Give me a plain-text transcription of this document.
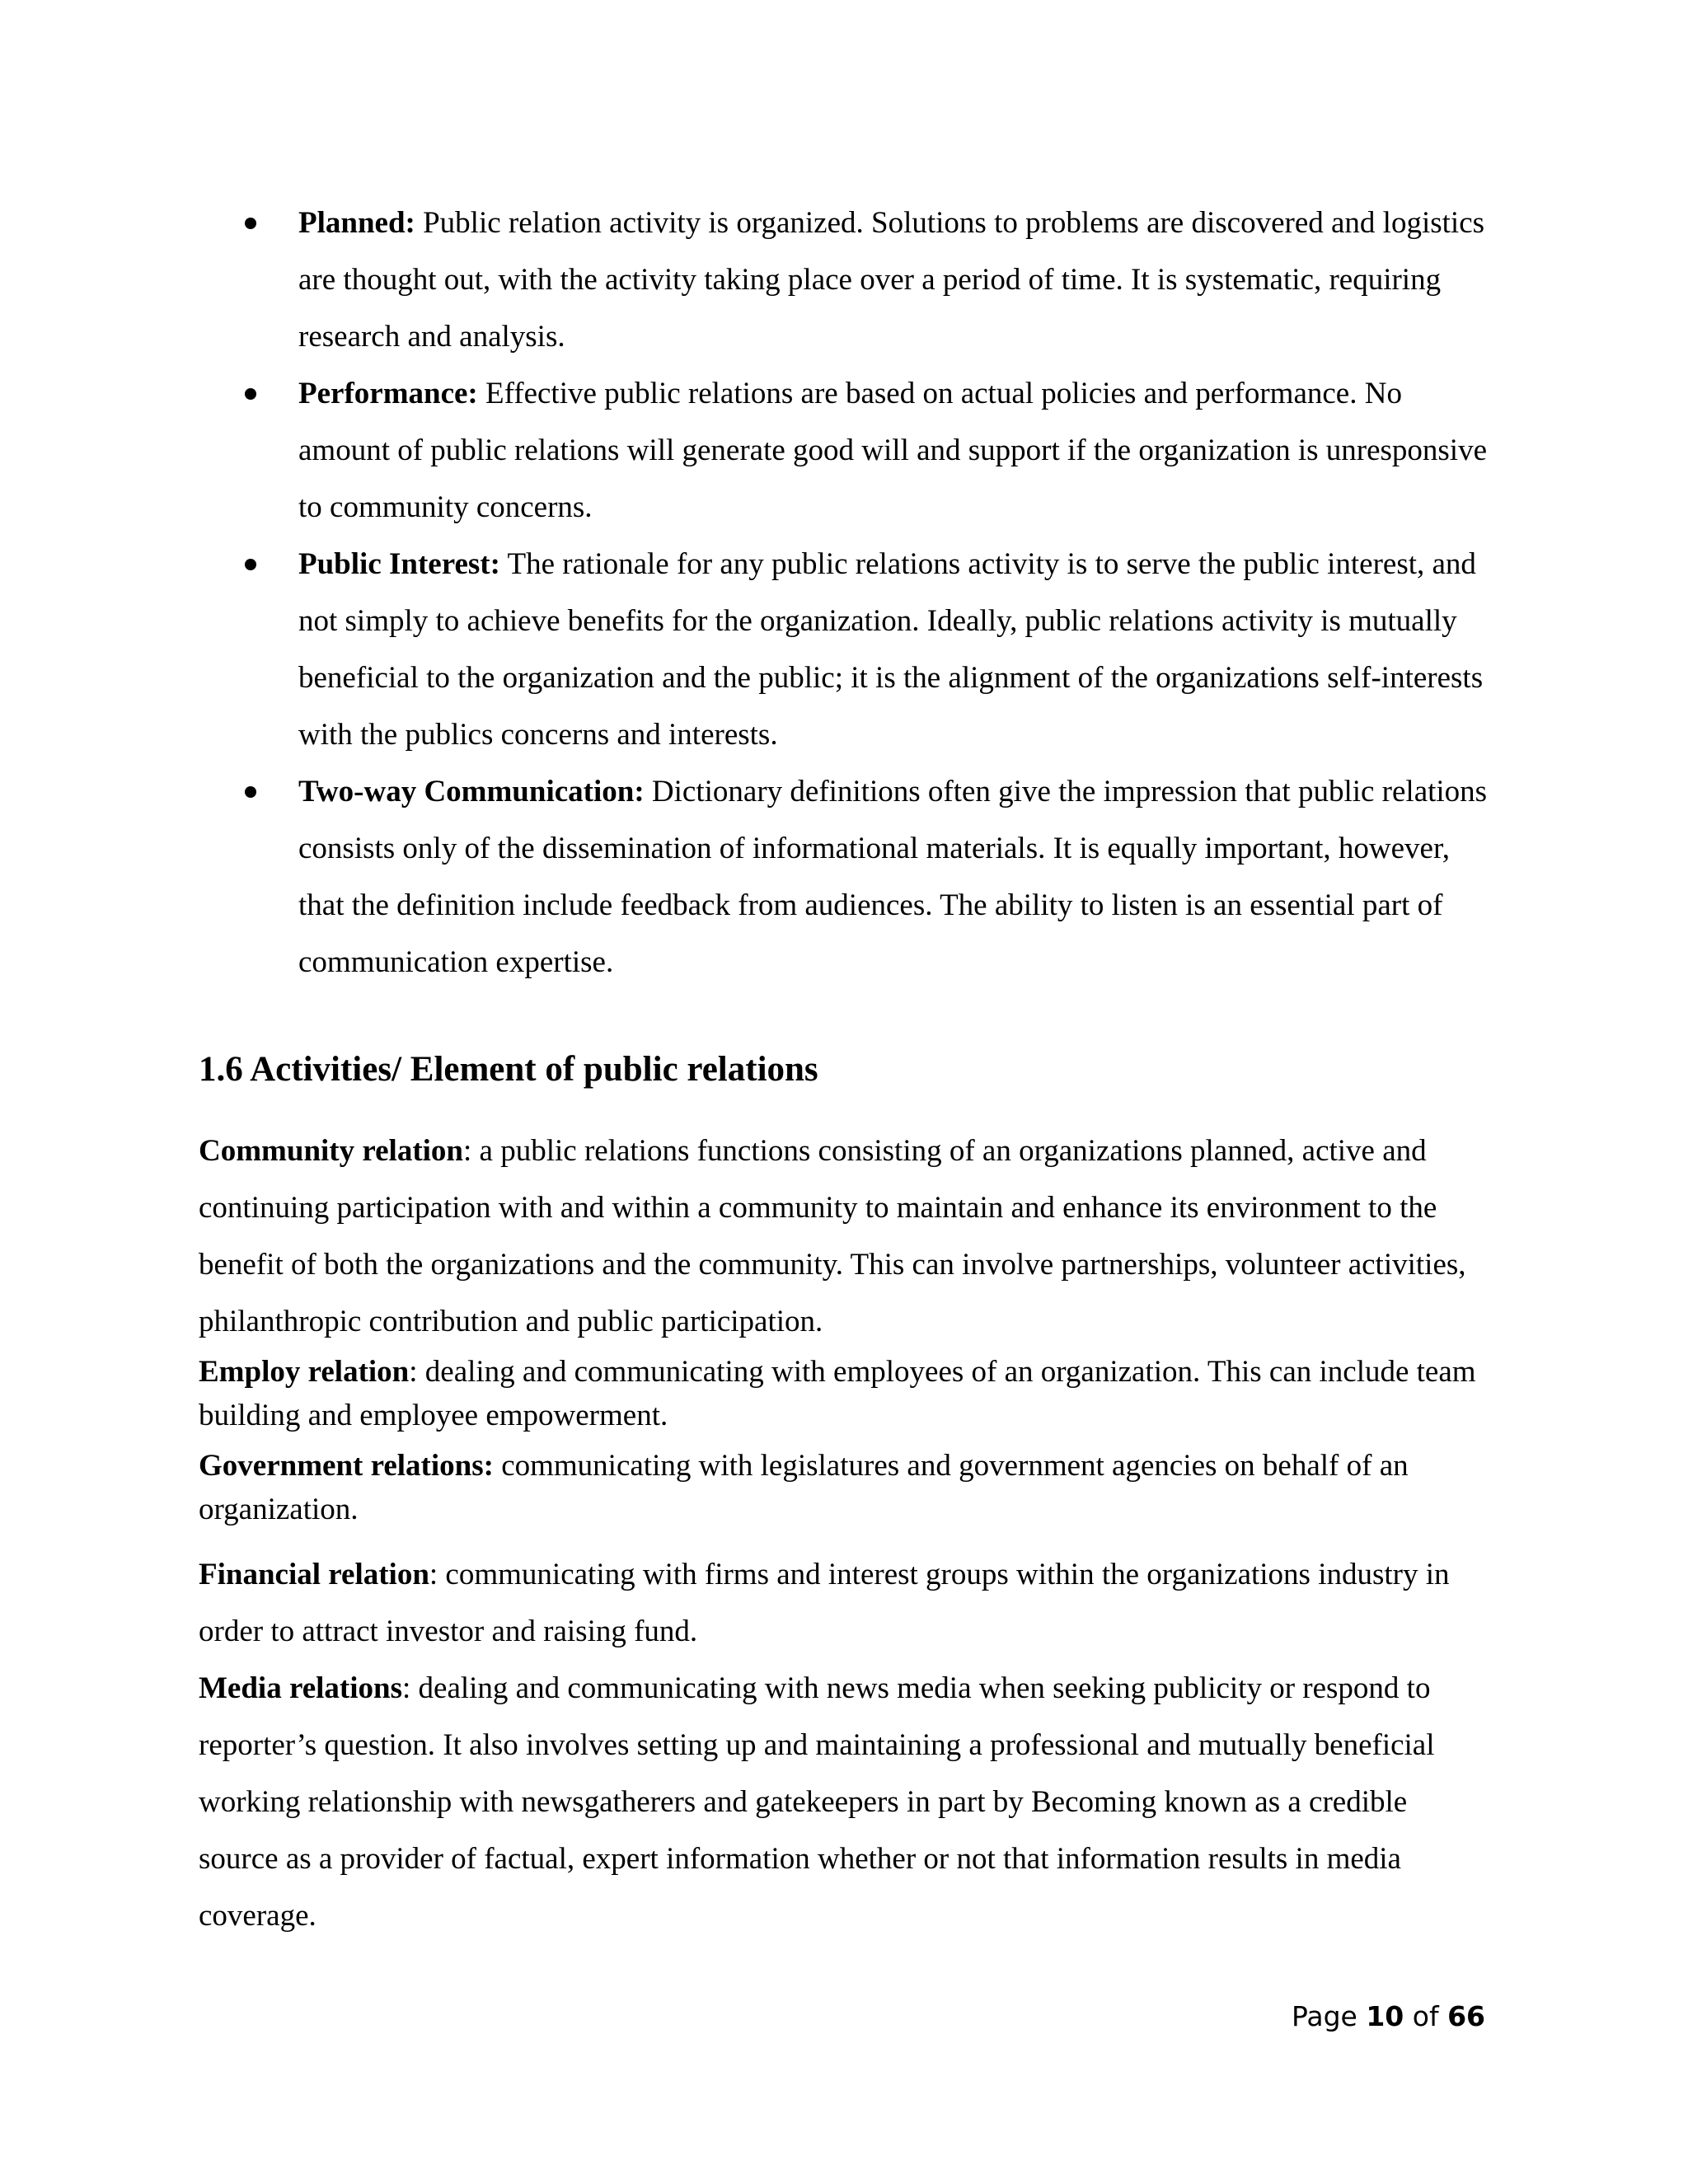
Planned: Public relation activity is organized. Solutions to problems are discovered and logistics are thought out, with the activity taking place over a period of time. It is systematic, requiring research and analysis.
Performance: Effective public relations are based on actual policies and performance. No amount of public relations will generate good will and support if the organization is unresponsive to community concerns.
Public Interest: The rationale for any public relations activity is to serve the public interest, and not simply to achieve benefits for the organization. Ideally, public relations activity is mutually beneficial to the organization and the public; it is the alignment of the organizations self-interests with the publics concerns and interests.
Two-way Communication: Dictionary definitions often give the impression that public relations consists only of the dissemination of informational materials. It is equally important, however, that the definition include feedback from audiences. The ability to listen is an essential part of communication expertise.
1.6 Activities/ Element of public relations

Community relation: a public relations functions consisting of an organizations planned, active and continuing participation with and within a community to maintain and enhance its environment to the benefit of both the organizations and the community. This can involve partnerships, volunteer activities, philanthropic contribution and public participation.

Employ relation: dealing and communicating with employees of an organization. This can include team building and employee empowerment.

Government relations: communicating with legislatures and government agencies on behalf of an organization.

Financial relation: communicating with firms and interest groups within the organizations industry in order to attract investor and raising fund.

Media relations: dealing and communicating with news media when seeking publicity or respond to reporter’s question. It also involves setting up and maintaining a professional and mutually beneficial working relationship with newsgatherers and gatekeepers in part by Becoming known as a credible source as a provider of factual, expert information whether or not that information results in media coverage.

Page 10 of 66
